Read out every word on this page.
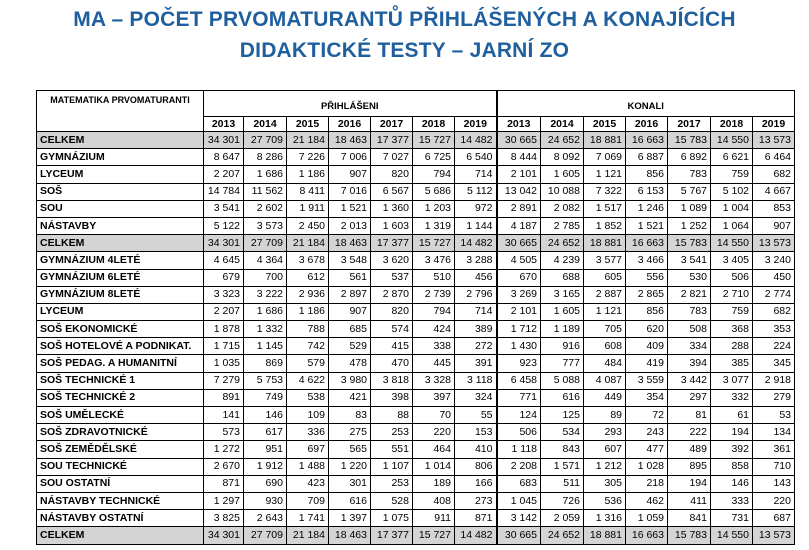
MA – POČET PRVOMATURANTŮ PŘIHLÁŠENÝCH A KONAJÍCÍCH
DIDAKTICKÉ TESTY – JARNÍ ZO
MATEMATIKA PRVOMATURANTI	PŘIHLÁŠENI							KONALI						
	2013	2014	2015	2016	2017	2018	2019	2013	2014	2015	2016	2017	2018	2019
CELKEM	34 301	27 709	21 184	18 463	17 377	15 727	14 482	30 665	24 652	18 881	16 663	15 783	14 550	13 573
GYMNÁZIUM	8 647	8 286	7 226	7 006	7 027	6 725	6 540	8 444	8 092	7 069	6 887	6 892	6 621	6 464
LYCEUM	2 207	1 686	1 186	907	820	794	714	2 101	1 605	1 121	856	783	759	682
SOŠ	14 784	11 562	8 411	7 016	6 567	5 686	5 112	13 042	10 088	7 322	6 153	5 767	5 102	4 667
SOU	3 541	2 602	1 911	1 521	1 360	1 203	972	2 891	2 082	1 517	1 246	1 089	1 004	853
NÁSTAVBY	5 122	3 573	2 450	2 013	1 603	1 319	1 144	4 187	2 785	1 852	1 521	1 252	1 064	907
CELKEM	34 301	27 709	21 184	18 463	17 377	15 727	14 482	30 665	24 652	18 881	16 663	15 783	14 550	13 573
GYMNÁZIUM 4LETÉ	4 645	4 364	3 678	3 548	3 620	3 476	3 288	4 505	4 239	3 577	3 466	3 541	3 405	3 240
GYMNÁZIUM 6LETÉ	679	700	612	561	537	510	456	670	688	605	556	530	506	450
GYMNÁZIUM 8LETÉ	3 323	3 222	2 936	2 897	2 870	2 739	2 796	3 269	3 165	2 887	2 865	2 821	2 710	2 774
LYCEUM	2 207	1 686	1 186	907	820	794	714	2 101	1 605	1 121	856	783	759	682
SOŠ EKONOMICKÉ	1 878	1 332	788	685	574	424	389	1 712	1 189	705	620	508	368	353
SOŠ HOTELOVÉ A PODNIKAT.	1 715	1 145	742	529	415	338	272	1 430	916	608	409	334	288	224
SOŠ PEDAG. A HUMANITNÍ	1 035	869	579	478	470	445	391	923	777	484	419	394	385	345
SOŠ TECHNICKÉ 1	7 279	5 753	4 622	3 980	3 818	3 328	3 118	6 458	5 088	4 087	3 559	3 442	3 077	2 918
SOŠ TECHNICKÉ 2	891	749	538	421	398	397	324	771	616	449	354	297	332	279
SOŠ UMĚLECKÉ	141	146	109	83	88	70	55	124	125	89	72	81	61	53
SOŠ ZDRAVOTNICKÉ	573	617	336	275	253	220	153	506	534	293	243	222	194	134
SOŠ ZEMĚDĚLSKÉ	1 272	951	697	565	551	464	410	1 118	843	607	477	489	392	361
SOU TECHNICKÉ	2 670	1 912	1 488	1 220	1 107	1 014	806	2 208	1 571	1 212	1 028	895	858	710
SOU OSTATNÍ	871	690	423	301	253	189	166	683	511	305	218	194	146	143
NÁSTAVBY TECHNICKÉ	1 297	930	709	616	528	408	273	1 045	726	536	462	411	333	220
NÁSTAVBY OSTATNÍ	3 825	2 643	1 741	1 397	1 075	911	871	3 142	2 059	1 316	1 059	841	731	687
CELKEM	34 301	27 709	21 184	18 463	17 377	15 727	14 482	30 665	24 652	18 881	16 663	15 783	14 550	13 573
